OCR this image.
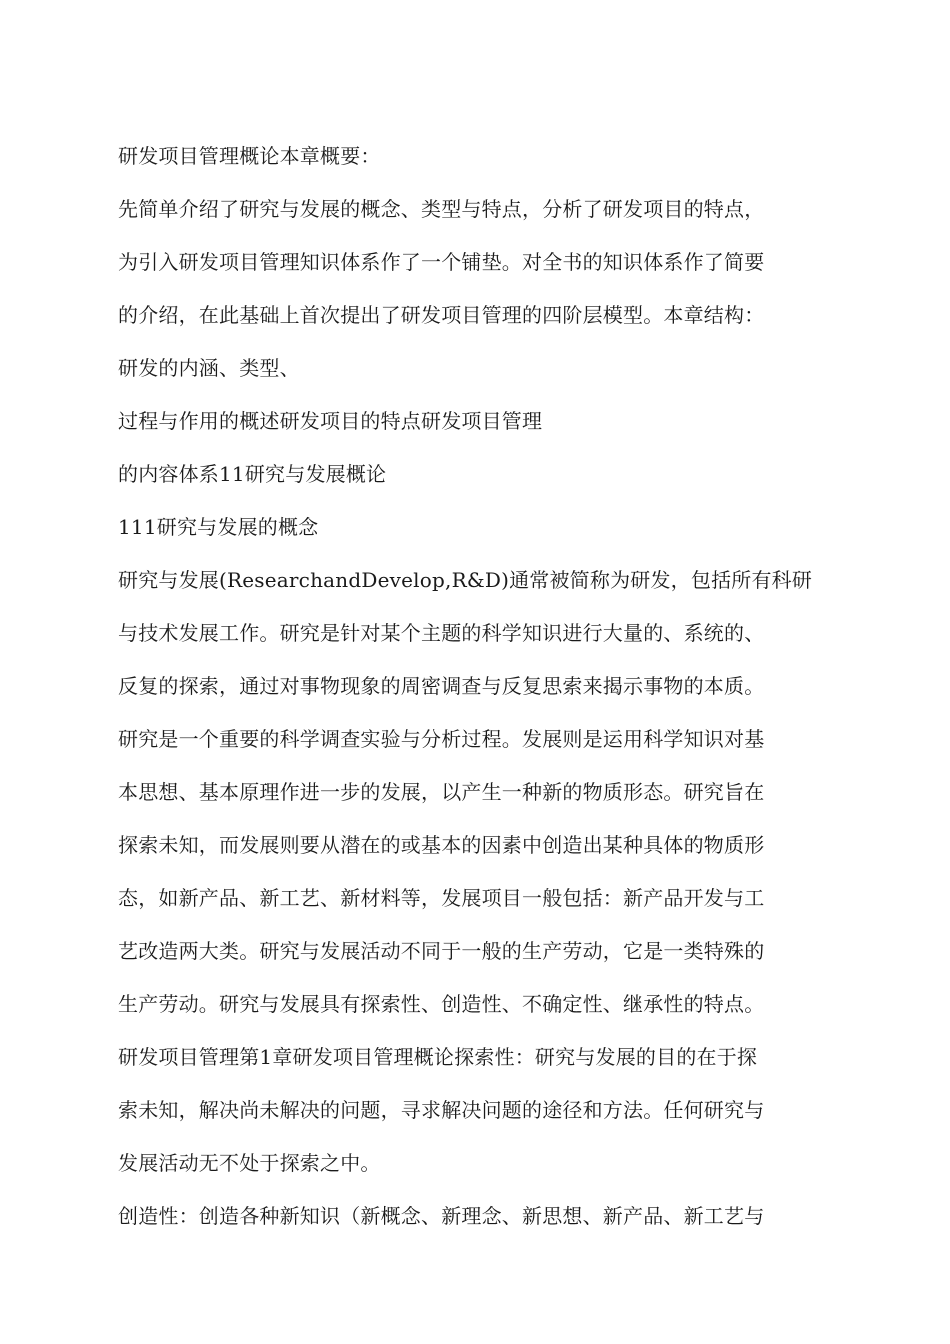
研发项目管理概论本章概要：
先简单介绍了研究与发展的概念、类型与特点，分析了研发项目的特点，
为引入研发项目管理知识体系作了一个铺垫。对全书的知识体系作了简要
的介绍，在此基础上首次提出了研发项目管理的四阶层模型。本章结构：
研发的内涵、类型、
过程与作用的概述研发项目的特点研发项目管理
的内容体系11研究与发展概论
111研究与发展的概念
研究与发展(ResearchandDevelop,R&D)通常被简称为研发，包括所有科研
与技术发展工作。研究是针对某个主题的科学知识进行大量的、系统的、
反复的探索，通过对事物现象的周密调查与反复思索来揭示事物的本质。
研究是一个重要的科学调查实验与分析过程。发展则是运用科学知识对基
本思想、基本原理作进一步的发展，以产生一种新的物质形态。研究旨在
探索未知，而发展则要从潜在的或基本的因素中创造出某种具体的物质形
态，如新产品、新工艺、新材料等，发展项目一般包括：新产品开发与工
艺改造两大类。研究与发展活动不同于一般的生产劳动，它是一类特殊的
生产劳动。研究与发展具有探索性、创造性、不确定性、继承性的特点。
研发项目管理第1章研发项目管理概论探索性：研究与发展的目的在于探
索未知，解决尚未解决的问题，寻求解决问题的途径和方法。任何研究与
发展活动无不处于探索之中。
创造性：创造各种新知识（新概念、新理念、新思想、新产品、新工艺与
